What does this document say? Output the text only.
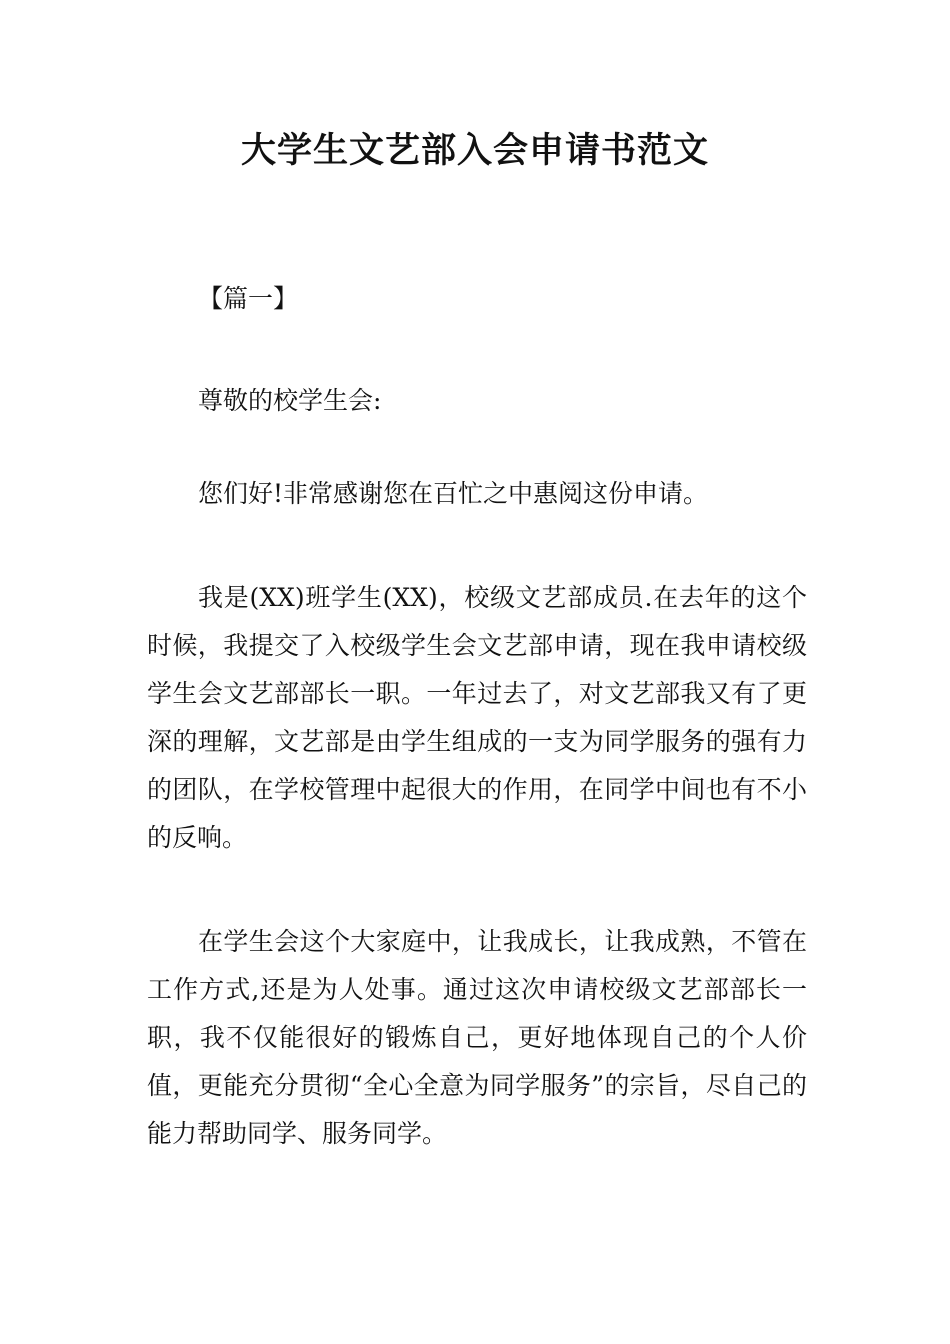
大学生文艺部入会申请书范文

【篇一】

尊敬的校学生会:

您们好!非常感谢您在百忙之中惠阅这份申请。

我是(XX)班学生(XX)，校级文艺部成员.在去年的这个时候，我提交了入校级学生会文艺部申请，现在我申请校级学生会文艺部部长一职。一年过去了，对文艺部我又有了更深的理解，文艺部是由学生组成的一支为同学服务的强有力的团队，在学校管理中起很大的作用，在同学中间也有不小的反响。

在学生会这个大家庭中，让我成长，让我成熟，不管在工作方式,还是为人处事。通过这次申请校级文艺部部长一职，我不仅能很好的锻炼自己，更好地体现自己的个人价值，更能充分贯彻“全心全意为同学服务”的宗旨，尽自己的能力帮助同学、服务同学。
